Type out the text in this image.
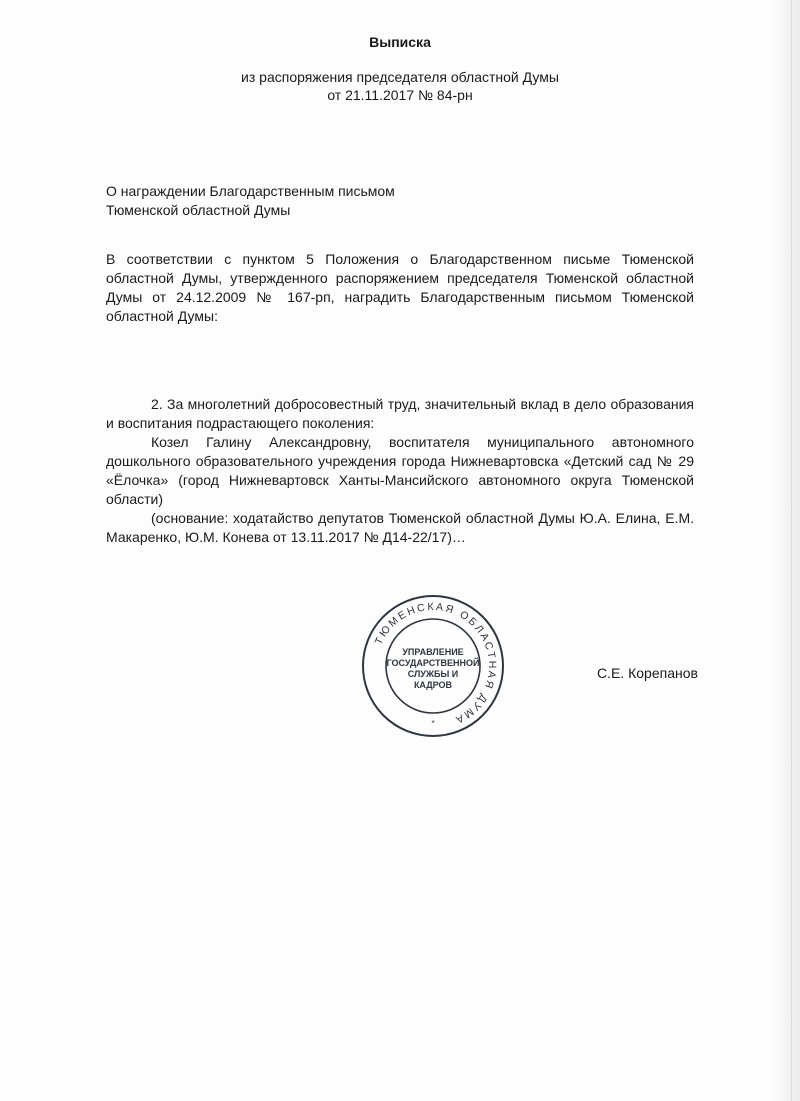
Выписка
из распоряжения председателя областной Думы
от 21.11.2017 № 84-рн
О награждении Благодарственным письмом
Тюменской областной Думы

В соответствии с пунктом 5 Положения о Благодарственном письме Тюменской областной Думы, утвержденного распоряжением председателя Тюменской областной Думы от 24.12.2009 № 167-рп, наградить Благодарственным письмом Тюменской областной Думы:

2. За многолетний добросовестный труд, значительный вклад в дело образования и воспитания подрастающего поколения:

Козел Галину Александровну, воспитателя муниципального автономного дошкольного образовательного учреждения города Нижневартовска «Детский сад № 29 «Ёлочка» (город Нижневартовск Ханты-Мансийского автономного округа Тюменской области)

(основание: ходатайство депутатов Тюменской областной Думы Ю.А. Елина, Е.М. Макаренко, Ю.М. Конева от 13.11.2017 № Д14-22/17)…

ТЮМЕНСКАЯ ОБЛАСТНАЯ ДУМА
УПРАВЛЕНИЕ
ГОСУДАРСТВЕННОЙ
СЛУЖБЫ И
КАДРОВ
*
С.Е. Корепанов
